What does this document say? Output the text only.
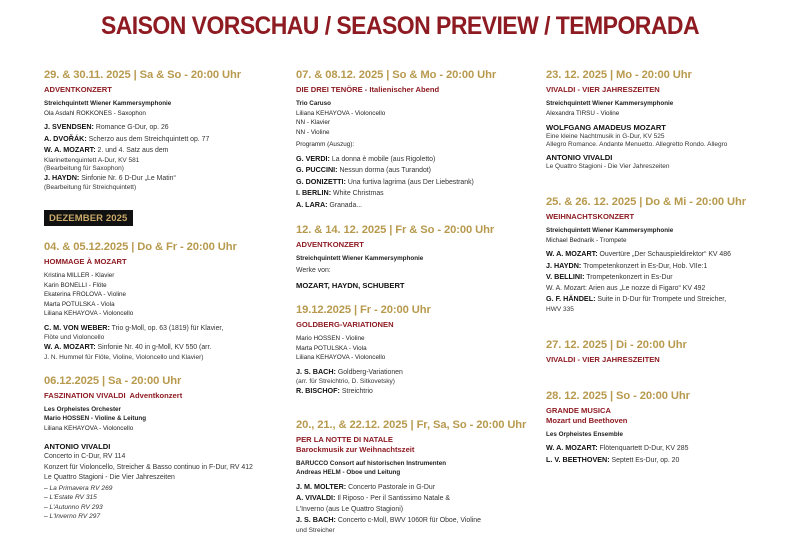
SAISON VORSCHAU / SEASON PREVIEW / TEMPORADA
29. & 30.11. 2025 | Sa & So - 20:00 Uhr
ADVENTKONZERT
Streichquintett Wiener Kammersymphonie
Ola Asdahl ROKKONES - Saxophon
J. SVENDSEN: Romance G-Dur, op. 26
A. DVOŘÁK: Scherzo aus dem Streichquintett op. 77
W. A. MOZART: 2. und 4. Satz aus dem
Klarinettenquintett A-Dur, KV 581
(Bearbeitung für Saxophon)
J. HAYDN: Sinfonie Nr. 6 D-Dur „Le Matin“
(Bearbeitung für Streichquintett)
DEZEMBER 2025
04. & 05.12.2025 | Do & Fr - 20:00 Uhr
HOMMAGE À MOZART
Kristina MILLER - Klavier
Karin BONELLI - Flöte
Ekaterina FROLOVA - Violine
Marta POTULSKA - Viola
Liliana KEHAYOVA - Violoncello
C. M. VON WEBER: Trio g-Moll, op. 63 (1819) für Klavier,
Flöte und Violoncello
W. A. MOZART: Sinfonie Nr. 40 in g-Moll, KV 550 (arr.
J. N. Hummel für Flöte, Violine, Violoncello und Klavier)
06.12.2025 | Sa - 20:00 Uhr
FASZINATION VIVALDI  Adventkonzert
Les Orpheistes Orchester
Mario HOSSEN - Violine & Leitung
Liliana KEHAYOVA - Violoncello
ANTONIO VIVALDI
Concerto in C-Dur, RV 114
Konzert für Violoncello, Streicher & Basso continuo in F-Dur, RV 412
Le Quattro Stagioni - Die Vier Jahreszeiten
– La Primavera RV 269
– L'Estate RV 315
– L'Autunno RV 293
– L'Inverno RV 297
07. & 08.12. 2025 | So & Mo - 20:00 Uhr
DIE DREI TENÖRE - Italienischer Abend
Trio Caruso
Liliana KEHAYOVA - Violoncello
NN - Klavier
NN - Violine
Programm (Auszug):
G. VERDI: La donna è mobile (aus Rigoletto)
G. PUCCINI: Nessun dorma (aus Turandot)
G. DONIZETTI: Una furtiva lagrima (aus Der Liebestrank)
I. BERLIN: White Christmas
A. LARA: Granada...
12. & 14. 12. 2025 | Fr & So - 20:00 Uhr
ADVENTKONZERT
Streichquintett Wiener Kammersymphonie
Werke von:
MOZART, HAYDN, SCHUBERT
19.12.2025 | Fr - 20:00 Uhr
GOLDBERG-VARIATIONEN
Mario HOSSEN - Violine
Marta POTULSKA - Viola
Liliana KEHAYOVA - Violoncello
J. S. BACH: Goldberg-Variationen
(arr. für Streichtrio, D. Sitkovetsky)
R. BISCHOF: Streichtrio
20., 21., & 22.12. 2025 | Fr, Sa, So - 20:00 Uhr
PER LA NOTTE DI NATALE
Barockmusik zur Weihnachtszeit
BARUCCO Consort auf historischen Instrumenten
Andreas HELM - Oboe und Leitung
J. M. MOLTER: Concerto Pastorale in G-Dur
A. VIVALDI: Il Riposo - Per il Santissimo Natale &
L'Inverno (aus Le Quattro Stagioni)
J. S. BACH: Concerto c-Moll, BWV 1060R für Oboe, Violine
und Streicher
23. 12. 2025 | Mo - 20:00 Uhr
VIVALDI - VIER JAHRESZEITEN
Streichquintett Wiener Kammersymphonie
Alexandra TIRSU - Violine
WOLFGANG AMADEUS MOZART
Eine kleine Nachtmusik in G-Dur, KV 525
Allegro Romance. Andante Menuetto. Allegretto Rondo. Allegro
ANTONIO VIVALDI
Le Quattro Stagioni - Die Vier Jahreszeiten
25. & 26. 12. 2025 | Do & Mi - 20:00 Uhr
WEIHNACHTSKONZERT
Streichquintett Wiener Kammersymphonie
Michael Bednarik - Trompete
W. A. MOZART: Ouvertüre „Der Schauspieldirektor“ KV 486
J. HAYDN: Trompetenkonzert in Es-Dur, Hob. VIIe:1
V. BELLINI: Trompetenkonzert in Es-Dur
W. A. Mozart: Arien aus „Le nozze di Figaro“ KV 492
G. F. HÄNDEL: Suite in D-Dur für Trompete und Streicher,
HWV 335
27. 12. 2025 | Di - 20:00 Uhr
VIVALDI - VIER JAHRESZEITEN
28. 12. 2025 | So - 20:00 Uhr
GRANDE MUSICA
Mozart und Beethoven
Les Orpheistes Ensemble
W. A. MOZART: Flötenquartett D-Dur, KV 285
L. V. BEETHOVEN: Septett Es-Dur, op. 20
